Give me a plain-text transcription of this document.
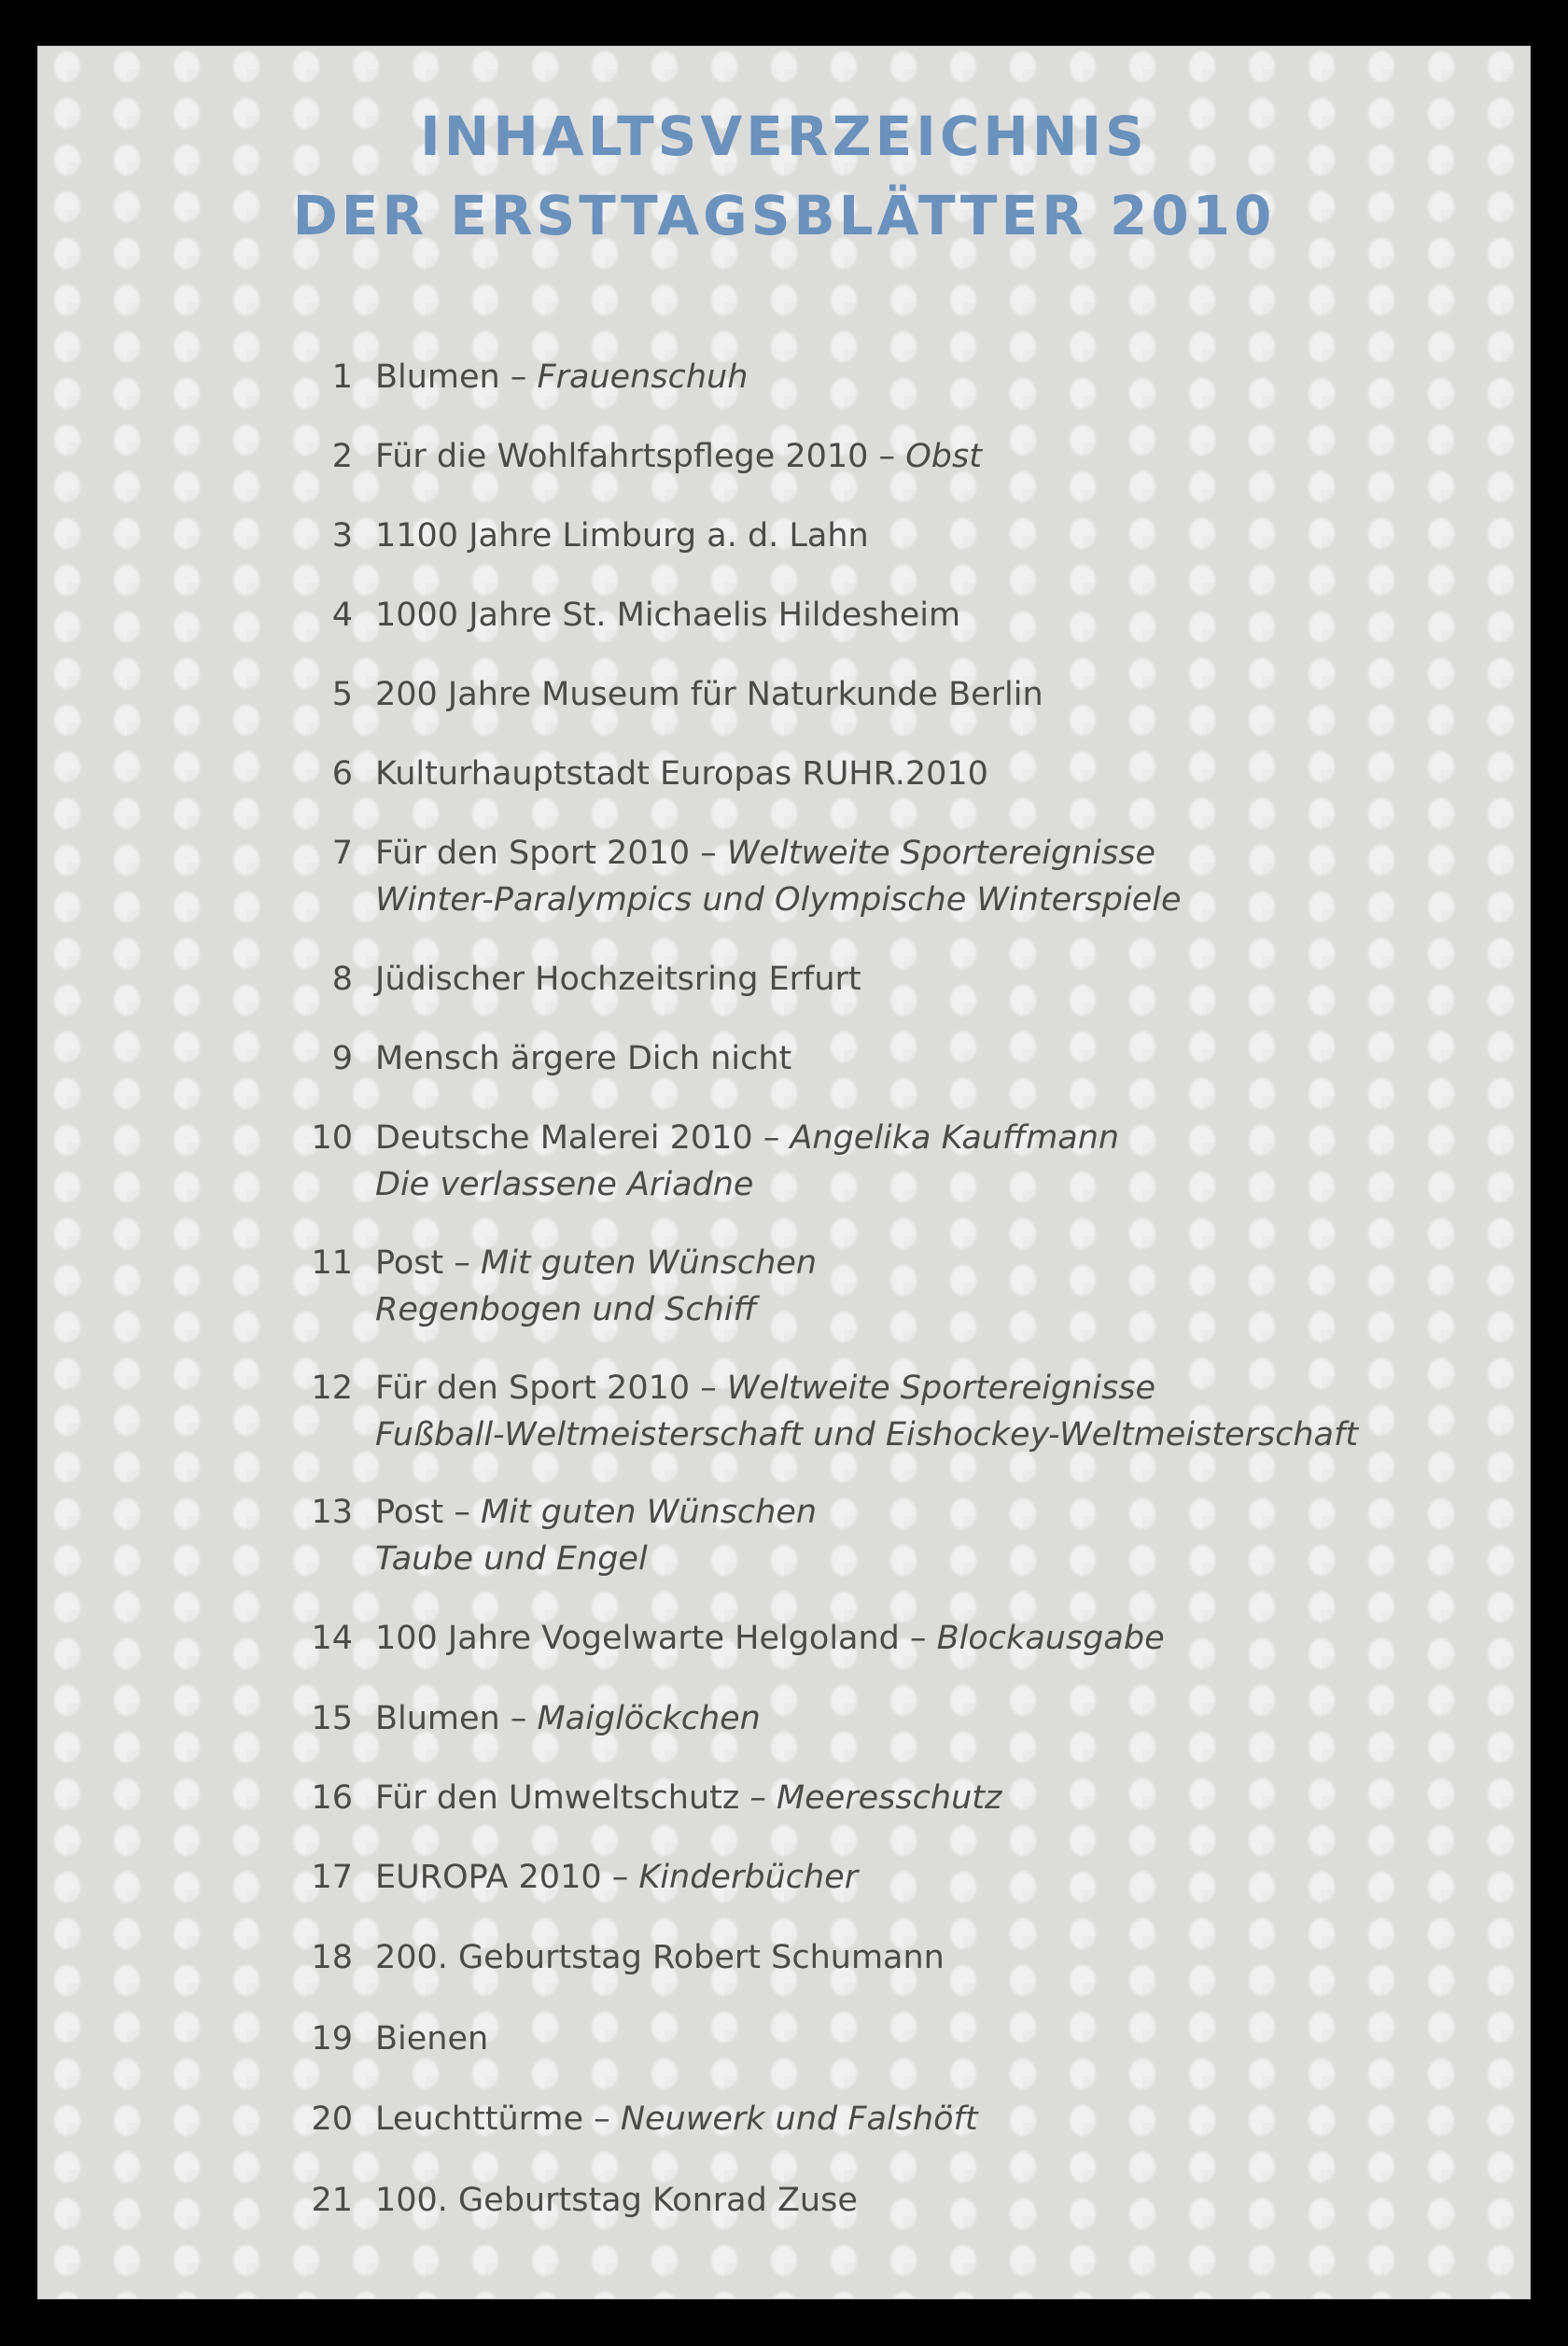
INHALTSVERZEICHNIS
DER ERSTTAGSBLÄTTER 2010
1 Blumen – Frauenschuh
2 Für die Wohlfahrtspflege 2010 – Obst
3 1100 Jahre Limburg a. d. Lahn
4 1000 Jahre St. Michaelis Hildesheim
5 200 Jahre Museum für Naturkunde Berlin
6 Kulturhauptstadt Europas RUHR.2010
7 Für den Sport 2010 – Weltweite Sportereignisse
Winter-Paralympics und Olympische Winterspiele
8 Jüdischer Hochzeitsring Erfurt
9 Mensch ärgere Dich nicht
10 Deutsche Malerei 2010 – Angelika Kauffmann
Die verlassene Ariadne
11 Post – Mit guten Wünschen
Regenbogen und Schiff
12 Für den Sport 2010 – Weltweite Sportereignisse
Fußball-Weltmeisterschaft und Eishockey-Weltmeisterschaft
13 Post – Mit guten Wünschen
Taube und Engel
14 100 Jahre Vogelwarte Helgoland – Blockausgabe
15 Blumen – Maiglöckchen
16 Für den Umweltschutz – Meeresschutz
17 EUROPA 2010 – Kinderbücher
18 200. Geburtstag Robert Schumann
19 Bienen
20 Leuchttürme – Neuwerk und Falshöft
21 100. Geburtstag Konrad Zuse
